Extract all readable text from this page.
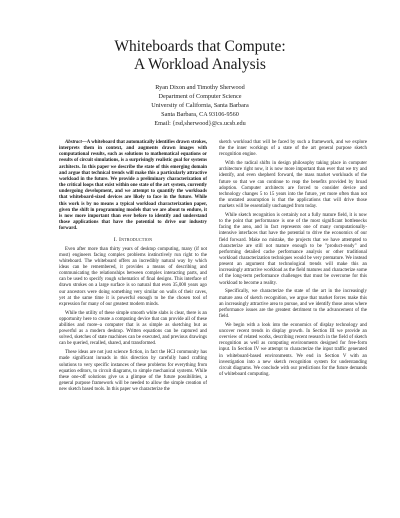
Whiteboards that Compute:
A Workload Analysis
Ryan Dixon and Timothy Sherwood
Department of Computer Science
University of California, Santa Barbara
Santa Barbara, CA 93106-9560
Email: {rsd,sherwood}@cs.ucsb.edu

Abstract—A whiteboard that automatically identifies drawn strokes, interprets them in context, and augments drawn images with computational results, such as solutions to mathematical equations or results of circuit simulations, is a surprisingly realistic goal for systems architects. In this paper we describe the state of this emerging domain and argue that technical trends will make this a particularly attractive workload in the future. We provide a preliminary characterization of the critical loops that exist within one state of the art system, currently undergoing development, and we attempt to quantify the workloads that whiteboard-sized devices are likely to face in the future. While this work is by no means a typical workload characterization paper, given the shift in programming models that we are about to endure, it is now more important than ever before to identify and understand those applications that have the potential to drive our industry forward.

I. Introduction

Even after more than thirty years of desktop computing, many (if not most) engineers facing complex problems instinctively run right to the whiteboard. The whiteboard offers an incredibly natural way by which ideas can be remembered, it provides a means of describing and communicating the relationships between complex interacting parts, and can be used to specify rough schematics of final designs. This interface of drawn strokes on a large surface is so natural that even 35,000 years ago our ancestors were doing something very similar on walls of their caves, yet at the same time it is powerful enough to be the chosen tool of expression for many of our greatest modern minds.

While the utility of these simple smooth white slabs is clear, there is an opportunity here to create a computing device that can provide all of these abilities and more–a computer that is as simple as sketching but as powerful as a modern desktop. Written equations can be captured and solved, sketches of state machines can be executed, and previous drawings can be queried, recalled, shared, and transformed.

These ideas are not just science fiction, in fact the HCI community has made significant inroads in this direction by carefully hand crafting solutions to very specific instances of these problems for everything from equation editors, to circuit diagrams, to simple mechanical systems. While these one-off solutions give us a glimpse of the future possibilities, a general purpose framework will be needed to allow the simple creation of new sketch based tools. In this paper we characterize the

sketch workload that will be faced by such a framework, and we explore the the inner workings of a state of the art general purpose sketch recognition engine.

With the radical shifts in design philosophy taking place in computer architecture right now, it is now more important than ever that we try and identify, and even shepherd forward, the mass market workloads of the future so that we can continue to reap the benefits provided by broad adoption. Computer architects are forced to consider device and technology changes 5 to 15 years into the future, yet more often than not the unstated assumption is that the applications that will drive those markets will be essentially unchanged from today.

While sketch recognition is certainly not a fully mature field, it is now to the point that performance is one of the most significant bottlenecks facing the area, and in fact represents one of many computationally-intensive interfaces that have the potential to drive the economics of our field forward. Make no mistake, the projects that we have attempted to characterize are still not mature enough to be "product-ready" and performing detailed cache performance analysis or other traditional workload characterization techniques would be very premature. We instead present an argument that technological trends will make this an increasingly attractive workload as the field matures and characterize some of the long-term performance challenges that must be overcome for this workload to become a reality.

Specifically, we characterize the state of the art in the increasingly mature area of sketch recognition, we argue that market forces make this an increasingly attractive area to pursue, and we identify those areas where performance issues are the greatest detriment to the advancement of the field.

We begin with a look into the economics of display technology and uncover recent trends in display growth. In Section III we provide an overview of related works, describing recent research in the field of sketch recognition as well as computing environments designed for free-form input. In Section IV we attempt to characterize the input traffic generated in whiteboard-based environments. We end in Section V with an investigation into a new sketch recognition system for understanding circuit diagrams. We conclude with our predictions for the future demands of whiteboard computing.
